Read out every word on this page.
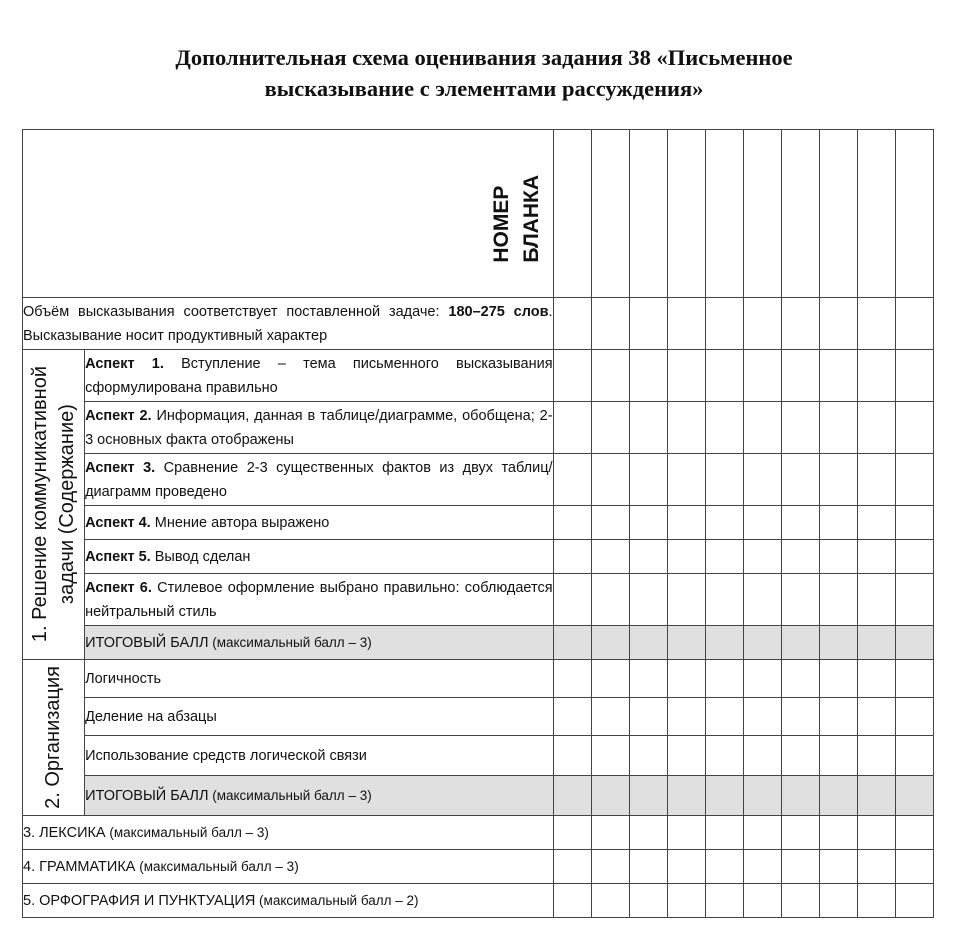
Дополнительная схема оценивания задания 38 «Письменное
высказывание с элементами рассуждения»
НОМЕР БЛАНКА											

Объём высказывания соответствует поставленной задаче: 180–275 слов. Высказывание носит продуктивный характер											

1. Решение коммуникативной задачи (Содержание)	Аспект 1. Вступление – тема письменного высказывания сформулирована правильно										
	Аспект 2. Информация, данная в таблице/диаграмме, обобщена; 2-3 основных факта отображены										
	Аспект 3. Сравнение 2-3 существенных фактов из двух таблиц/диаграмм проведено										
	Аспект 4. Мнение автора выражено										
	Аспект 5. Вывод сделан										
	Аспект 6. Стилевое оформление выбрано правильно: соблюдается нейтральный стиль										
	ИТОГОВЫЙ БАЛЛ (максимальный балл – 3)										

2. Организация	Логичность										
	Деление на абзацы										
	Использование средств логической связи										
	ИТОГОВЫЙ БАЛЛ (максимальный балл – 3)										
3. ЛЕКСИКА (максимальный балл – 3)											
4. ГРАММАТИКА (максимальный балл – 3)											
5. ОРФОГРАФИЯ И ПУНКТУАЦИЯ (максимальный балл – 2)											
